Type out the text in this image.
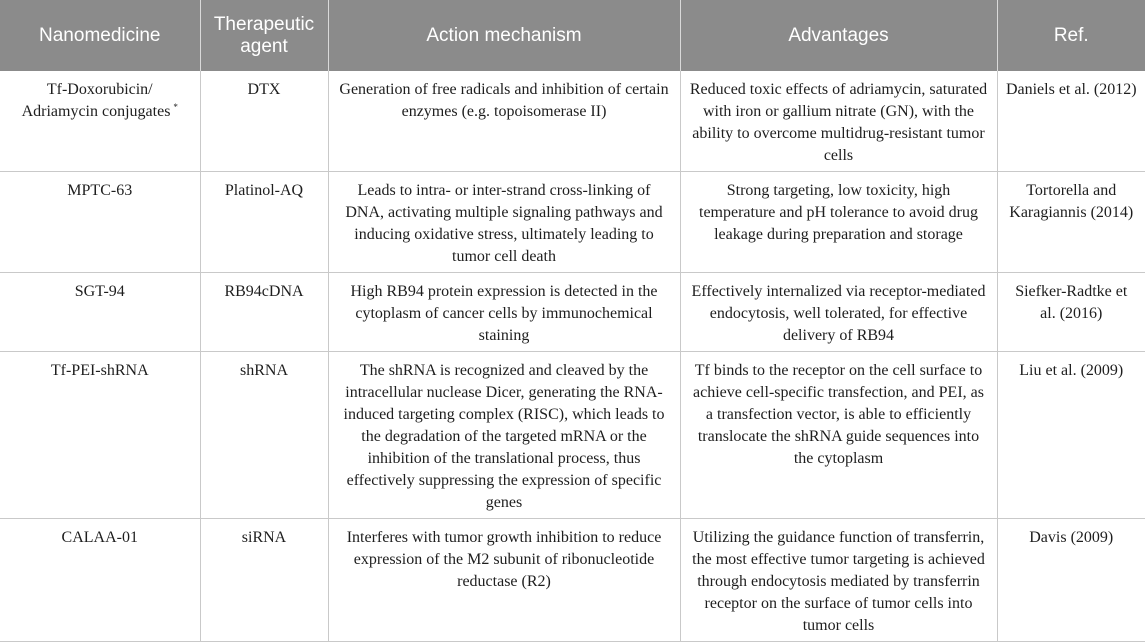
Nanomedicine	Therapeutic agent	Action mechanism	Advantages	Ref.
Tf-Doxorubicin/ Adriamycin conjugates *	DTX	Generation of free radicals and inhibition of certain enzymes (e.g. topoisomerase II)	Reduced toxic effects of adriamycin, saturated with iron or gallium nitrate (GN), with the ability to overcome multidrug-resistant tumor cells	Daniels et al. (2012)
MPTC-63	Platinol-AQ	Leads to intra- or inter-strand cross-linking of DNA, activating multiple signaling pathways and inducing oxidative stress, ultimately leading to tumor cell death	Strong targeting, low toxicity, high temperature and pH tolerance to avoid drug leakage during preparation and storage	Tortorella and Karagiannis (2014)
SGT-94	RB94cDNA	High RB94 protein expression is detected in the cytoplasm of cancer cells by immunochemical staining	Effectively internalized via receptor-mediated endocytosis, well tolerated, for effective delivery of RB94	Siefker-Radtke et al. (2016)
Tf-PEI-shRNA	shRNA	The shRNA is recognized and cleaved by the intracellular nuclease Dicer, generating the RNA-induced targeting complex (RISC), which leads to the degradation of the targeted mRNA or the inhibition of the translational process, thus effectively suppressing the expression of specific genes	Tf binds to the receptor on the cell surface to achieve cell-specific transfection, and PEI, as a transfection vector, is able to efficiently translocate the shRNA guide sequences into the cytoplasm	Liu et al. (2009)
CALAA-01	siRNA	Interferes with tumor growth inhibition to reduce expression of the M2 subunit of ribonucleotide reductase (R2)	Utilizing the guidance function of transferrin, the most effective tumor targeting is achieved through endocytosis mediated by transferrin receptor on the surface of tumor cells into tumor cells	Davis (2009)
